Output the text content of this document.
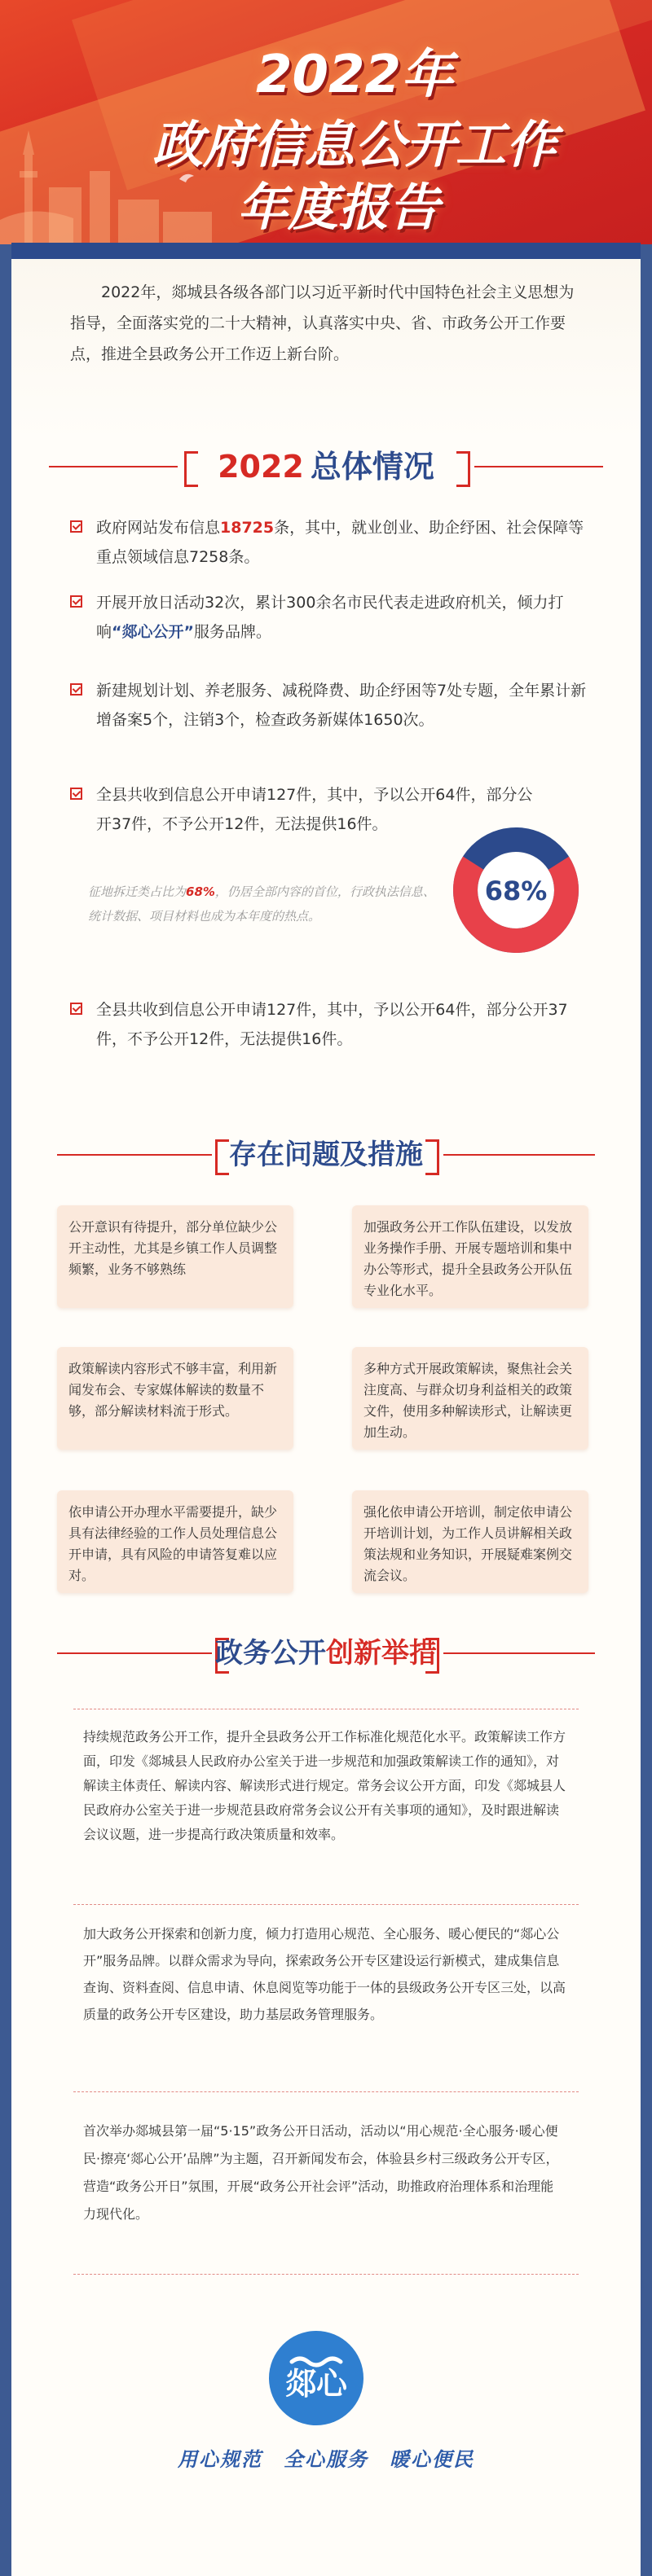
2022年
政府信息公开工作
年度报告
2022年，郯城县各级各部门以习近平新时代中国特色社会主义思想为指导，全面落实党的二十大精神，认真落实中央、省、市政务公开工作要点，推进全县政务公开工作迈上新台阶。
2022 总体情况
政府网站发布信息18725条，其中，就业创业、助企纾困、社会保障等重点领域信息7258条。
开展开放日活动32次，累计300余名市民代表走进政府机关，倾力打响“郯心公开”服务品牌。
新建规划计划、养老服务、减税降费、助企纾困等7处专题，全年累计新增备案5个，注销3个，检查政务新媒体1650次。
全县共收到信息公开申请127件，其中，予以公开64件，部分公开37件，不予公开12件，无法提供16件。
征地拆迁类占比为68%，仍居全部内容的首位，行政执法信息、统计数据、项目材料也成为本年度的热点。
68%
全县共收到信息公开申请127件，其中，予以公开64件，部分公开37件，不予公开12件，无法提供16件。
存在问题及措施
公开意识有待提升，部分单位缺少公开主动性，尤其是乡镇工作人员调整频繁，业务不够熟练
加强政务公开工作队伍建设，以发放业务操作手册、开展专题培训和集中办公等形式，提升全县政务公开队伍专业化水平。
政策解读内容形式不够丰富，利用新闻发布会、专家媒体解读的数量不够，部分解读材料流于形式。
多种方式开展政策解读，聚焦社会关注度高、与群众切身利益相关的政策文件，使用多种解读形式，让解读更加生动。
依申请公开办理水平需要提升，缺少具有法律经验的工作人员处理信息公开申请，具有风险的申请答复难以应对。
强化依申请公开培训，制定依申请公开培训计划，为工作人员讲解相关政策法规和业务知识，开展疑难案例交流会议。
政务公开创新举措
持续规范政务公开工作，提升全县政务公开工作标准化规范化水平。政策解读工作方面，印发《郯城县人民政府办公室关于进一步规范和加强政策解读工作的通知》，对解读主体责任、解读内容、解读形式进行规定。常务会议公开方面，印发《郯城县人民政府办公室关于进一步规范县政府常务会议公开有关事项的通知》，及时跟进解读会议议题，进一步提高行政决策质量和效率。
加大政务公开探索和创新力度，倾力打造用心规范、全心服务、暖心便民的“郯心公开”服务品牌。以群众需求为导向，探索政务公开专区建设运行新模式，建成集信息查询、资料查阅、信息申请、休息阅览等功能于一体的县级政务公开专区三处，以高质量的政务公开专区建设，助力基层政务管理服务。
首次举办郯城县第一届“5·15”政务公开日活动，活动以“用心规范·全心服务·暖心便民·擦亮‘郯心公开’品牌”为主题，召开新闻发布会，体验县乡村三级政务公开专区，营造“政务公开日”氛围，开展“政务公开社会评”活动，助推政府治理体系和治理能力现代化。
郯心
用心规范　全心服务　暖心便民
